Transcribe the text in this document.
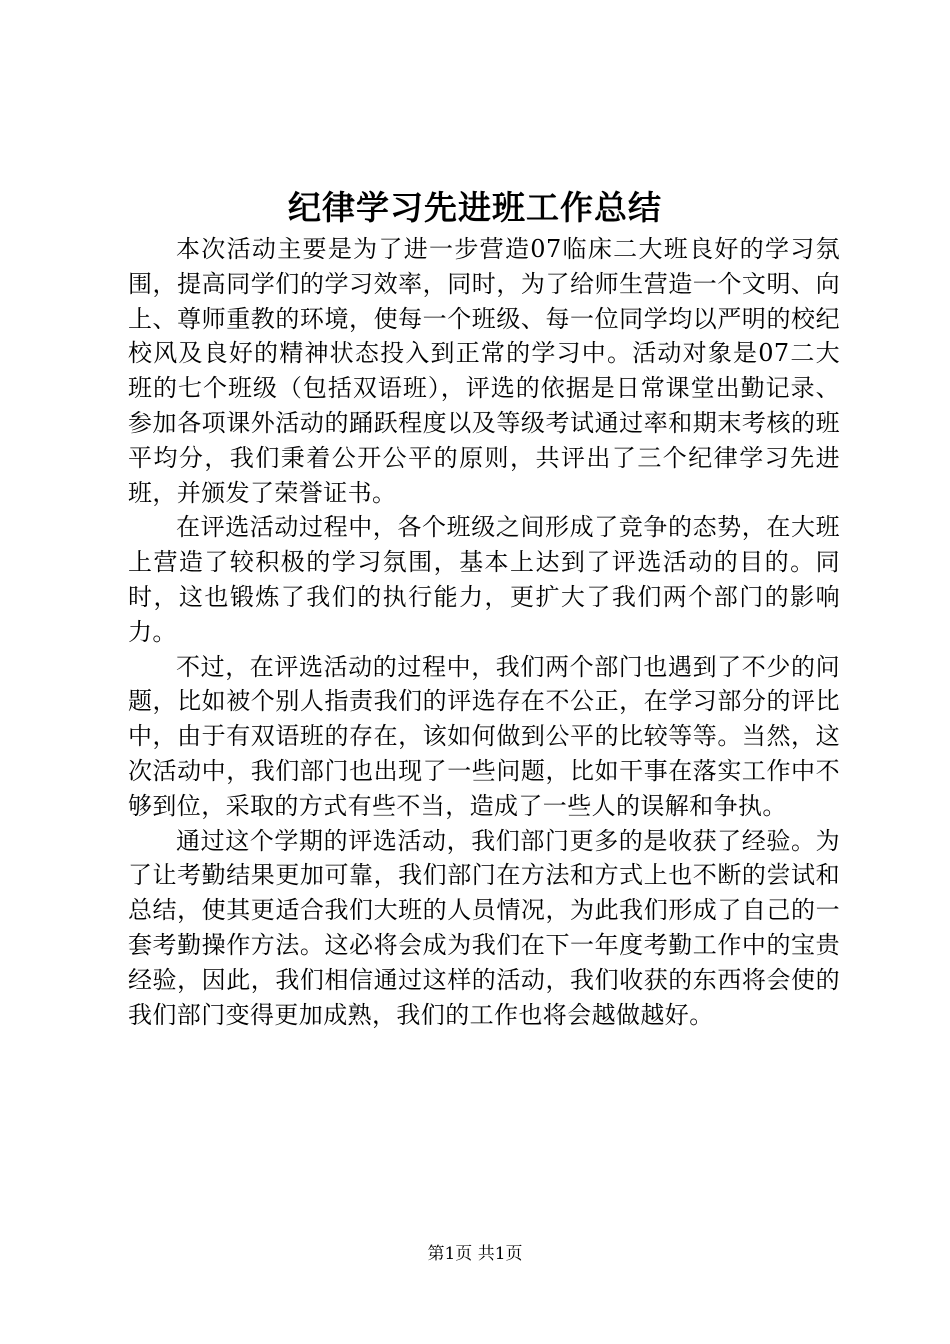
纪律学习先进班工作总结

本次活动主要是为了进一步营造07临床二大班良好的学习氛围，提高同学们的学习效率，同时，为了给师生营造一个文明、向上、尊师重教的环境，使每一个班级、每一位同学均以严明的校纪校风及良好的精神状态投入到正常的学习中。活动对象是07二大班的七个班级（包括双语班），评选的依据是日常课堂出勤记录、参加各项课外活动的踊跃程度以及等级考试通过率和期末考核的班平均分，我们秉着公开公平的原则，共评出了三个纪律学习先进班，并颁发了荣誉证书。

在评选活动过程中，各个班级之间形成了竞争的态势，在大班上营造了较积极的学习氛围，基本上达到了评选活动的目的。同时，这也锻炼了我们的执行能力，更扩大了我们两个部门的影响力。

不过，在评选活动的过程中，我们两个部门也遇到了不少的问题，比如被个别人指责我们的评选存在不公正，在学习部分的评比中，由于有双语班的存在，该如何做到公平的比较等等。当然，这次活动中，我们部门也出现了一些问题，比如干事在落实工作中不够到位，采取的方式有些不当，造成了一些人的误解和争执。

通过这个学期的评选活动，我们部门更多的是收获了经验。为了让考勤结果更加可靠，我们部门在方法和方式上也不断的尝试和总结，使其更适合我们大班的人员情况，为此我们形成了自己的一套考勤操作方法。这必将会成为我们在下一年度考勤工作中的宝贵经验，因此，我们相信通过这样的活动，我们收获的东西将会使的我们部门变得更加成熟，我们的工作也将会越做越好。

第1页 共1页
